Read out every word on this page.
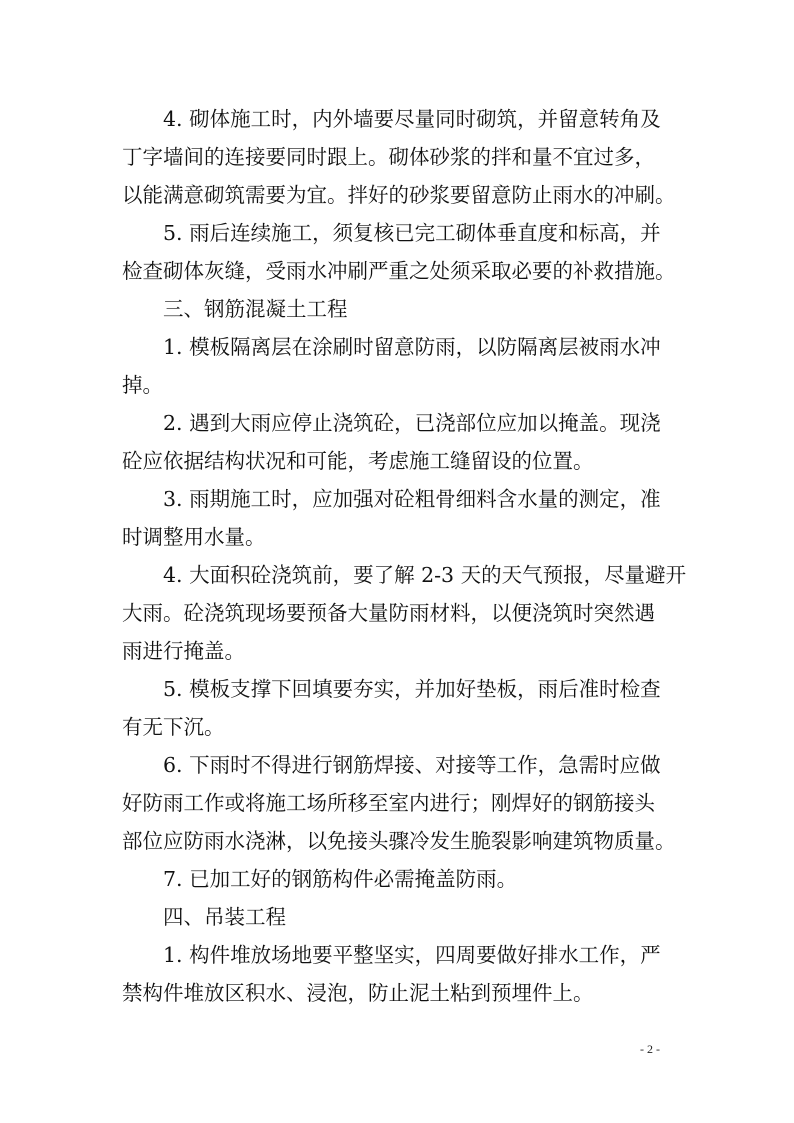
4. 砌体施工时，内外墙要尽量同时砌筑，并留意转角及
丁字墙间的连接要同时跟上。砌体砂浆的拌和量不宜过多，
以能满意砌筑需要为宜。拌好的砂浆要留意防止雨水的冲刷。
5. 雨后连续施工，须复核已完工砌体垂直度和标高，并
检查砌体灰缝，受雨水冲刷严重之处须采取必要的补救措施。
三、钢筋混凝土工程
1. 模板隔离层在涂刷时留意防雨，以防隔离层被雨水冲
掉。
2. 遇到大雨应停止浇筑砼，已浇部位应加以掩盖。现浇
砼应依据结构状况和可能，考虑施工缝留设的位置。
3. 雨期施工时，应加强对砼粗骨细料含水量的测定，准
时调整用水量。
4. 大面积砼浇筑前，要了解 2-3 天的天气预报，尽量避开
大雨。砼浇筑现场要预备大量防雨材料，以便浇筑时突然遇
雨进行掩盖。
5. 模板支撑下回填要夯实，并加好垫板，雨后准时检查
有无下沉。
6. 下雨时不得进行钢筋焊接、对接等工作，急需时应做
好防雨工作或将施工场所移至室内进行；刚焊好的钢筋接头
部位应防雨水浇淋，以免接头骤冷发生脆裂影响建筑物质量。
7. 已加工好的钢筋构件必需掩盖防雨。
四、吊装工程
1. 构件堆放场地要平整坚实，四周要做好排水工作，严
禁构件堆放区积水、浸泡，防止泥土粘到预埋件上。
- 2 -
